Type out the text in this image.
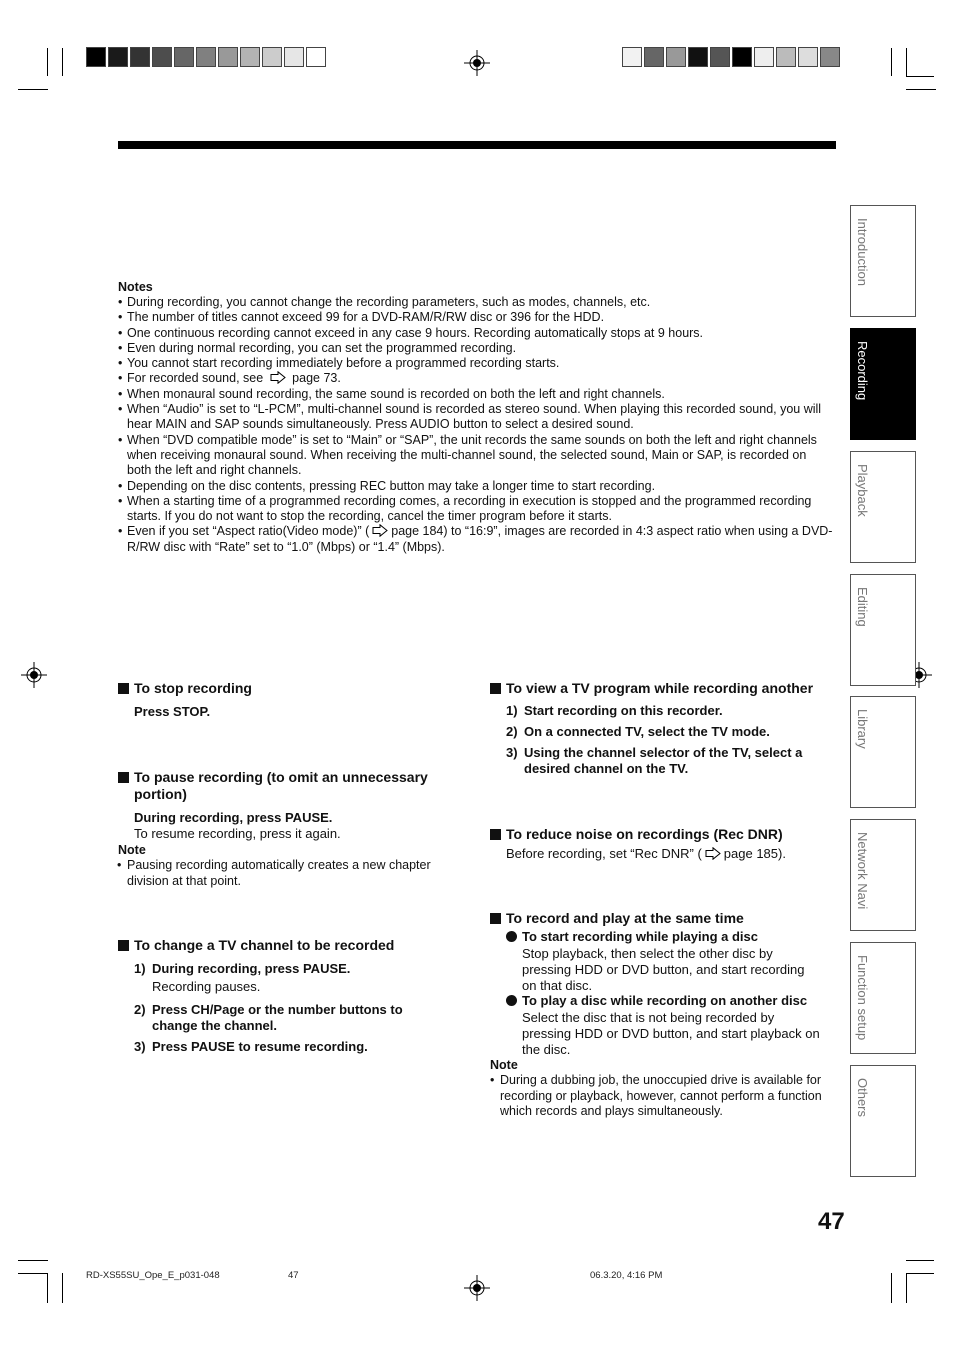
Introduction
Recording
Playback
Editing
Library
Network Navi
Function setup
Others
Notes
• During recording, you cannot change the recording parameters, such as modes, channels, etc.
• The number of titles cannot exceed 99 for a DVD-RAM/R/RW disc or 396 for the HDD.
• One continuous recording cannot exceed in any case 9 hours. Recording automatically stops at 9 hours.
• Even during normal recording, you can set the programmed recording.
• You cannot start recording immediately before a programmed recording starts.
• For recorded sound, see page 73.
• When monaural sound recording, the same sound is recorded on both the left and right channels.
• When “Audio” is set to “L-PCM”, multi-channel sound is recorded as stereo sound. When playing this recorded sound, you will hear MAIN and SAP sounds simultaneously. Press AUDIO button to select a desired sound.
• When “DVD compatible mode” is set to “Main” or “SAP”, the unit records the same sounds on both the left and right channels when receiving monaural sound. When receiving the multi-channel sound, the selected sound, Main or SAP, is recorded on both the left and right channels.
• Depending on the disc contents, pressing REC button may take a longer time to start recording.
• When a starting time of a programmed recording comes, a recording in execution is stopped and the programmed recording starts. If you do not want to stop the recording, cancel the timer program before it starts.
• Even if you set “Aspect ratio(Video mode)” ( page 184) to “16:9”, images are recorded in 4:3 aspect ratio when using a DVD-R/RW disc with “Rate” set to “1.0” (Mbps) or “1.4” (Mbps).
To stop recording
Press STOP.
To pause recording (to omit an unnecessary
portion)
During recording, press PAUSE.
To resume recording, press it again.
Note
• Pausing recording automatically creates a new chapter
division at that point.
To change a TV channel to be recorded
1) During recording, press PAUSE.
Recording pauses.
2) Press CH/Page or the number buttons to
change the channel.
3) Press PAUSE to resume recording.
To view a TV program while recording another
1) Start recording on this recorder.
2) On a connected TV, select the TV mode.
3) Using the channel selector of the TV, select a
desired channel on the TV.
To reduce noise on recordings (Rec DNR)
Before recording, set “Rec DNR” ( page 185).
To record and play at the same time
To start recording while playing a disc
Stop playback, then select the other disc by
pressing HDD or DVD button, and start recording
on that disc.
To play a disc while recording on another disc
Select the disc that is not being recorded by
pressing HDD or DVD button, and start playback on
the disc.
Note
• During a dubbing job, the unoccupied drive is available for
recording or playback, however, cannot perform a function
which records and plays simultaneously.
47
RD-XS55SU_Ope_E_p031-048	47	06.3.20, 4:16 PM
